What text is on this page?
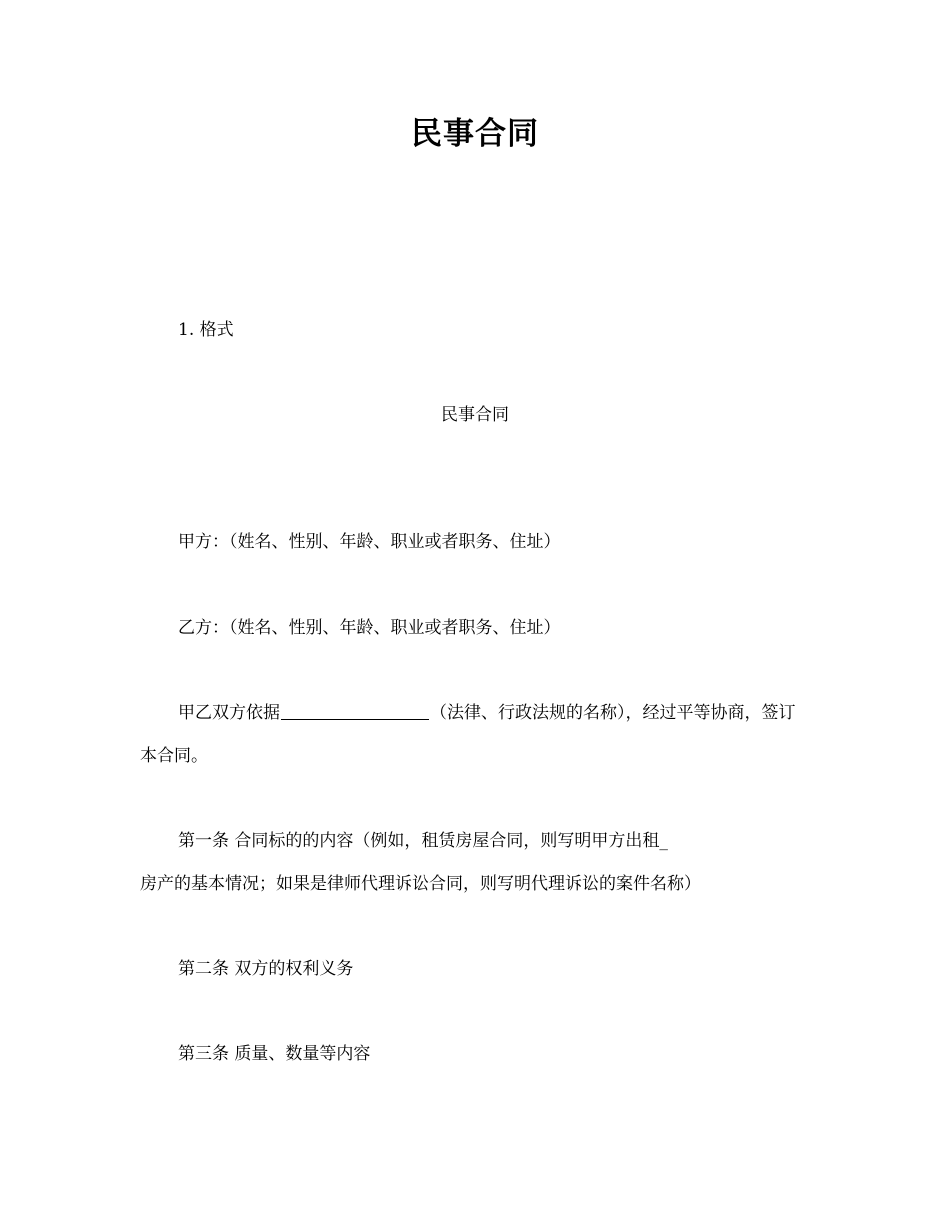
民事合同
1. 格式
民事合同
甲方：（姓名、性别、年龄、职业或者职务、住址）
乙方：（姓名、性别、年龄、职业或者职务、住址）
甲乙双方依据	（法律、行政法规的名称），经过平等协商，签订
本合同。
第一条 合同标的的内容（例如，租赁房屋合同，则写明甲方出租_
房产的基本情况；如果是律师代理诉讼合同，则写明代理诉讼的案件名称）
第二条 双方的权利义务
第三条 质量、数量等内容
